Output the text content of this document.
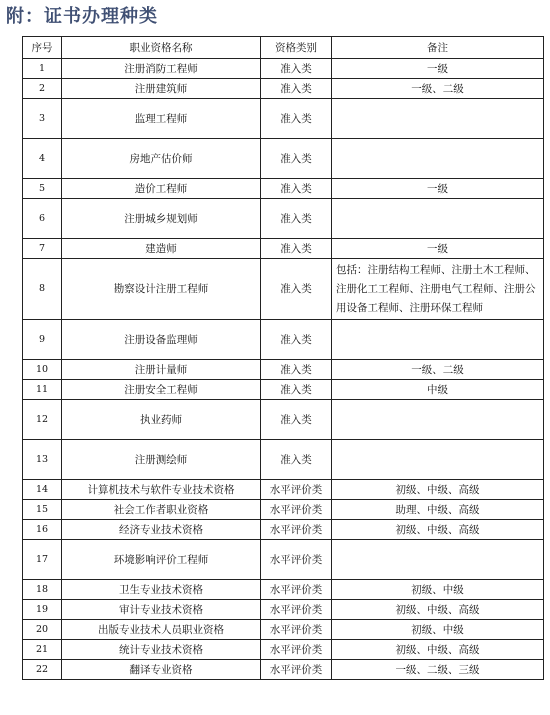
附：证书办理种类
序号	职业资格名称	资格类别	备注
1	注册消防工程师	准入类	一级
2	注册建筑师	准入类	一级、二级
3	监理工程师	准入类	
4	房地产估价师	准入类	
5	造价工程师	准入类	一级
6	注册城乡规划师	准入类	
7	建造师	准入类	一级
8	勘察设计注册工程师	准入类	包括：注册结构工程师、注册土木工程师、注册化工工程师、注册电气工程师、注册公用设备工程师、注册环保工程师
9	注册设备监理师	准入类	
10	注册计量师	准入类	一级、二级
11	注册安全工程师	准入类	中级
12	执业药师	准入类	
13	注册测绘师	准入类	
14	计算机技术与软件专业技术资格	水平评价类	初级、中级、高级
15	社会工作者职业资格	水平评价类	助理、中级、高级
16	经济专业技术资格	水平评价类	初级、中级、高级
17	环境影响评价工程师	水平评价类	
18	卫生专业技术资格	水平评价类	初级、中级
19	审计专业技术资格	水平评价类	初级、中级、高级
20	出版专业技术人员职业资格	水平评价类	初级、中级
21	统计专业技术资格	水平评价类	初级、中级、高级
22	翻译专业资格	水平评价类	一级、二级、三级
